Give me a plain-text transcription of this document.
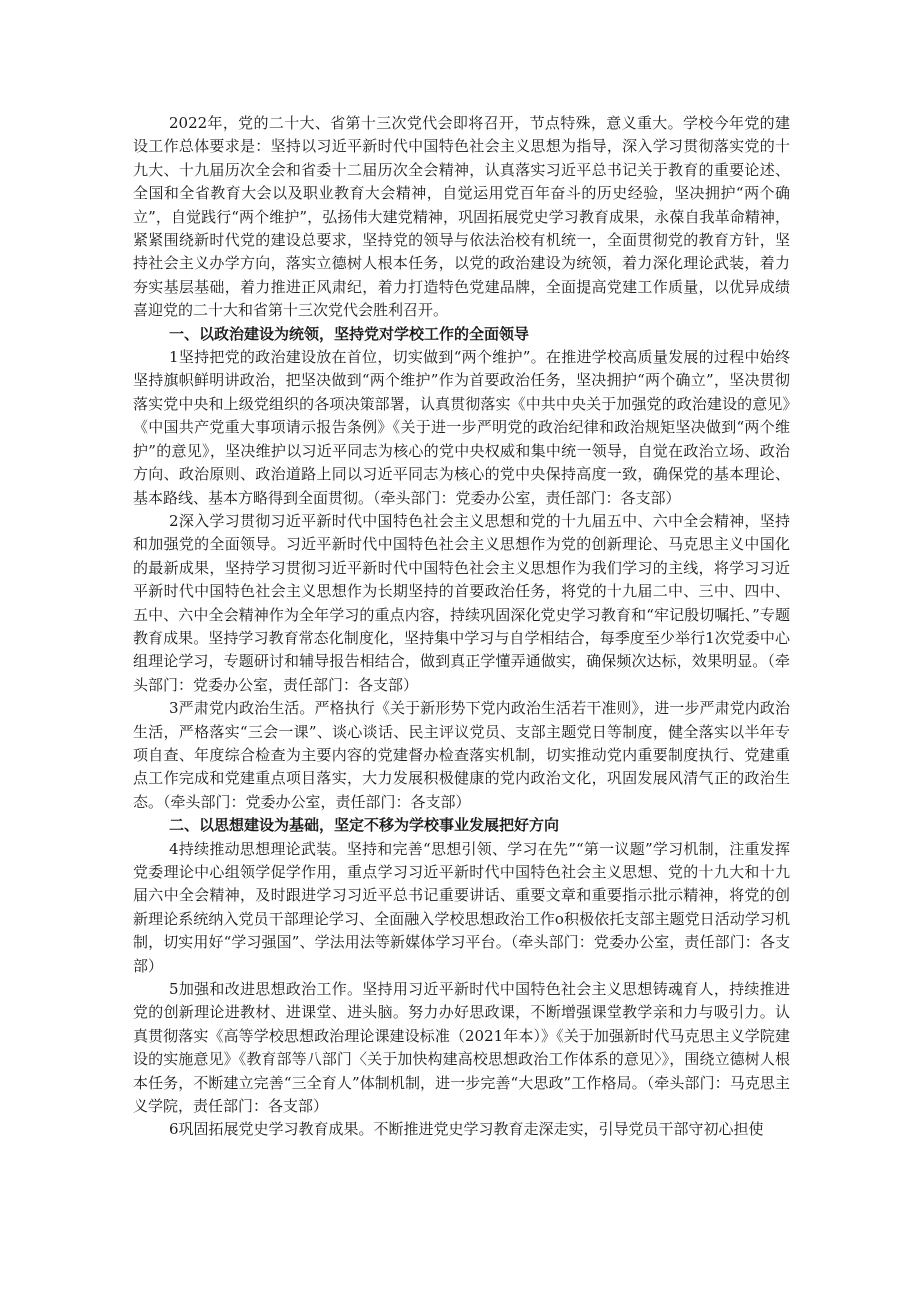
2022年，党的二十大、省第十三次党代会即将召开，节点特殊，意义重大。学校今年党的建设工作总体要求是：坚持以习近平新时代中国特色社会主义思想为指导，深入学习贯彻落实党的十九大、十九届历次全会和省委十二届历次全会精神，认真落实习近平总书记关于教育的重要论述、全国和全省教育大会以及职业教育大会精神，自觉运用党百年奋斗的历史经验，坚决拥护“两个确立”，自觉践行“两个维护”，弘扬伟大建党精神，巩固拓展党史学习教育成果，永葆自我革命精神，紧紧围绕新时代党的建设总要求，坚持党的领导与依法治校有机统一，全面贯彻党的教育方针，坚持社会主义办学方向，落实立德树人根本任务，以党的政治建设为统领，着力深化理论武装，着力夯实基层基础，着力推进正风肃纪，着力打造特色党建品牌，全面提高党建工作质量，以优异成绩喜迎党的二十大和省第十三次党代会胜利召开。

一、以政治建设为统领，坚持党对学校工作的全面领导

1坚持把党的政治建设放在首位，切实做到“两个维护”。在推进学校高质量发展的过程中始终坚持旗帜鲜明讲政治，把坚决做到“两个维护”作为首要政治任务，坚决拥护“两个确立”，坚决贯彻落实党中央和上级党组织的各项决策部署，认真贯彻落实《中共中央关于加强党的政治建设的意见》《中国共产党重大事项请示报告条例》《关于进一步严明党的政治纪律和政治规矩坚决做到“两个维护”的意见》，坚决维护以习近平同志为核心的党中央权威和集中统一领导，自觉在政治立场、政治方向、政治原则、政治道路上同以习近平同志为核心的党中央保持高度一致，确保党的基本理论、基本路线、基本方略得到全面贯彻。（牵头部门：党委办公室，责任部门：各支部）

2深入学习贯彻习近平新时代中国特色社会主义思想和党的十九届五中、六中全会精神，坚持和加强党的全面领导。习近平新时代中国特色社会主义思想作为党的创新理论、马克思主义中国化的最新成果，坚持学习贯彻习近平新时代中国特色社会主义思想作为我们学习的主线，将学习习近平新时代中国特色社会主义思想作为长期坚持的首要政治任务，将党的十九届二中、三中、四中、五中、六中全会精神作为全年学习的重点内容，持续巩固深化党史学习教育和“牢记殷切嘱托、”专题教育成果。坚持学习教育常态化制度化，坚持集中学习与自学相结合，每季度至少举行1次党委中心组理论学习，专题研讨和辅导报告相结合，做到真正学懂弄通做实，确保频次达标，效果明显。（牵头部门：党委办公室，责任部门：各支部）

3严肃党内政治生活。严格执行《关于新形势下党内政治生活若干准则》，进一步严肃党内政治生活，严格落实“三会一课”、谈心谈话、民主评议党员、支部主题党日等制度，健全落实以半年专项自查、年度综合检查为主要内容的党建督办检查落实机制，切实推动党内重要制度执行、党建重点工作完成和党建重点项目落实，大力发展积极健康的党内政治文化，巩固发展风清气正的政治生态。（牵头部门：党委办公室，责任部门：各支部）

二、以思想建设为基础，坚定不移为学校事业发展把好方向

4持续推动思想理论武装。坚持和完善“思想引领、学习在先”“第一议题”学习机制，注重发挥党委理论中心组领学促学作用，重点学习习近平新时代中国特色社会主义思想、党的十九大和十九届六中全会精神，及时跟进学习习近平总书记重要讲话、重要文章和重要指示批示精神，将党的创新理论系统纳入党员干部理论学习、全面融入学校思想政治工作o积极依托支部主题党日活动学习机制，切实用好“学习强国”、学法用法等新媒体学习平台。（牵头部门：党委办公室，责任部门：各支部）

5加强和改进思想政治工作。坚持用习近平新时代中国特色社会主义思想铸魂育人，持续推进党的创新理论进教材、进课堂、进头脑。努力办好思政课，不断增强课堂教学亲和力与吸引力。认真贯彻落实《高等学校思想政治理论课建设标准（2021年本）》《关于加强新时代马克思主义学院建设的实施意见》《教育部等八部门〈关于加快构建高校思想政治工作体系的意见〉》，围绕立德树人根本任务，不断建立完善“三全育人”体制机制，进一步完善“大思政”工作格局。（牵头部门：马克思主义学院，责任部门：各支部）

6巩固拓展党史学习教育成果。不断推进党史学习教育走深走实，引导党员干部守初心担使
